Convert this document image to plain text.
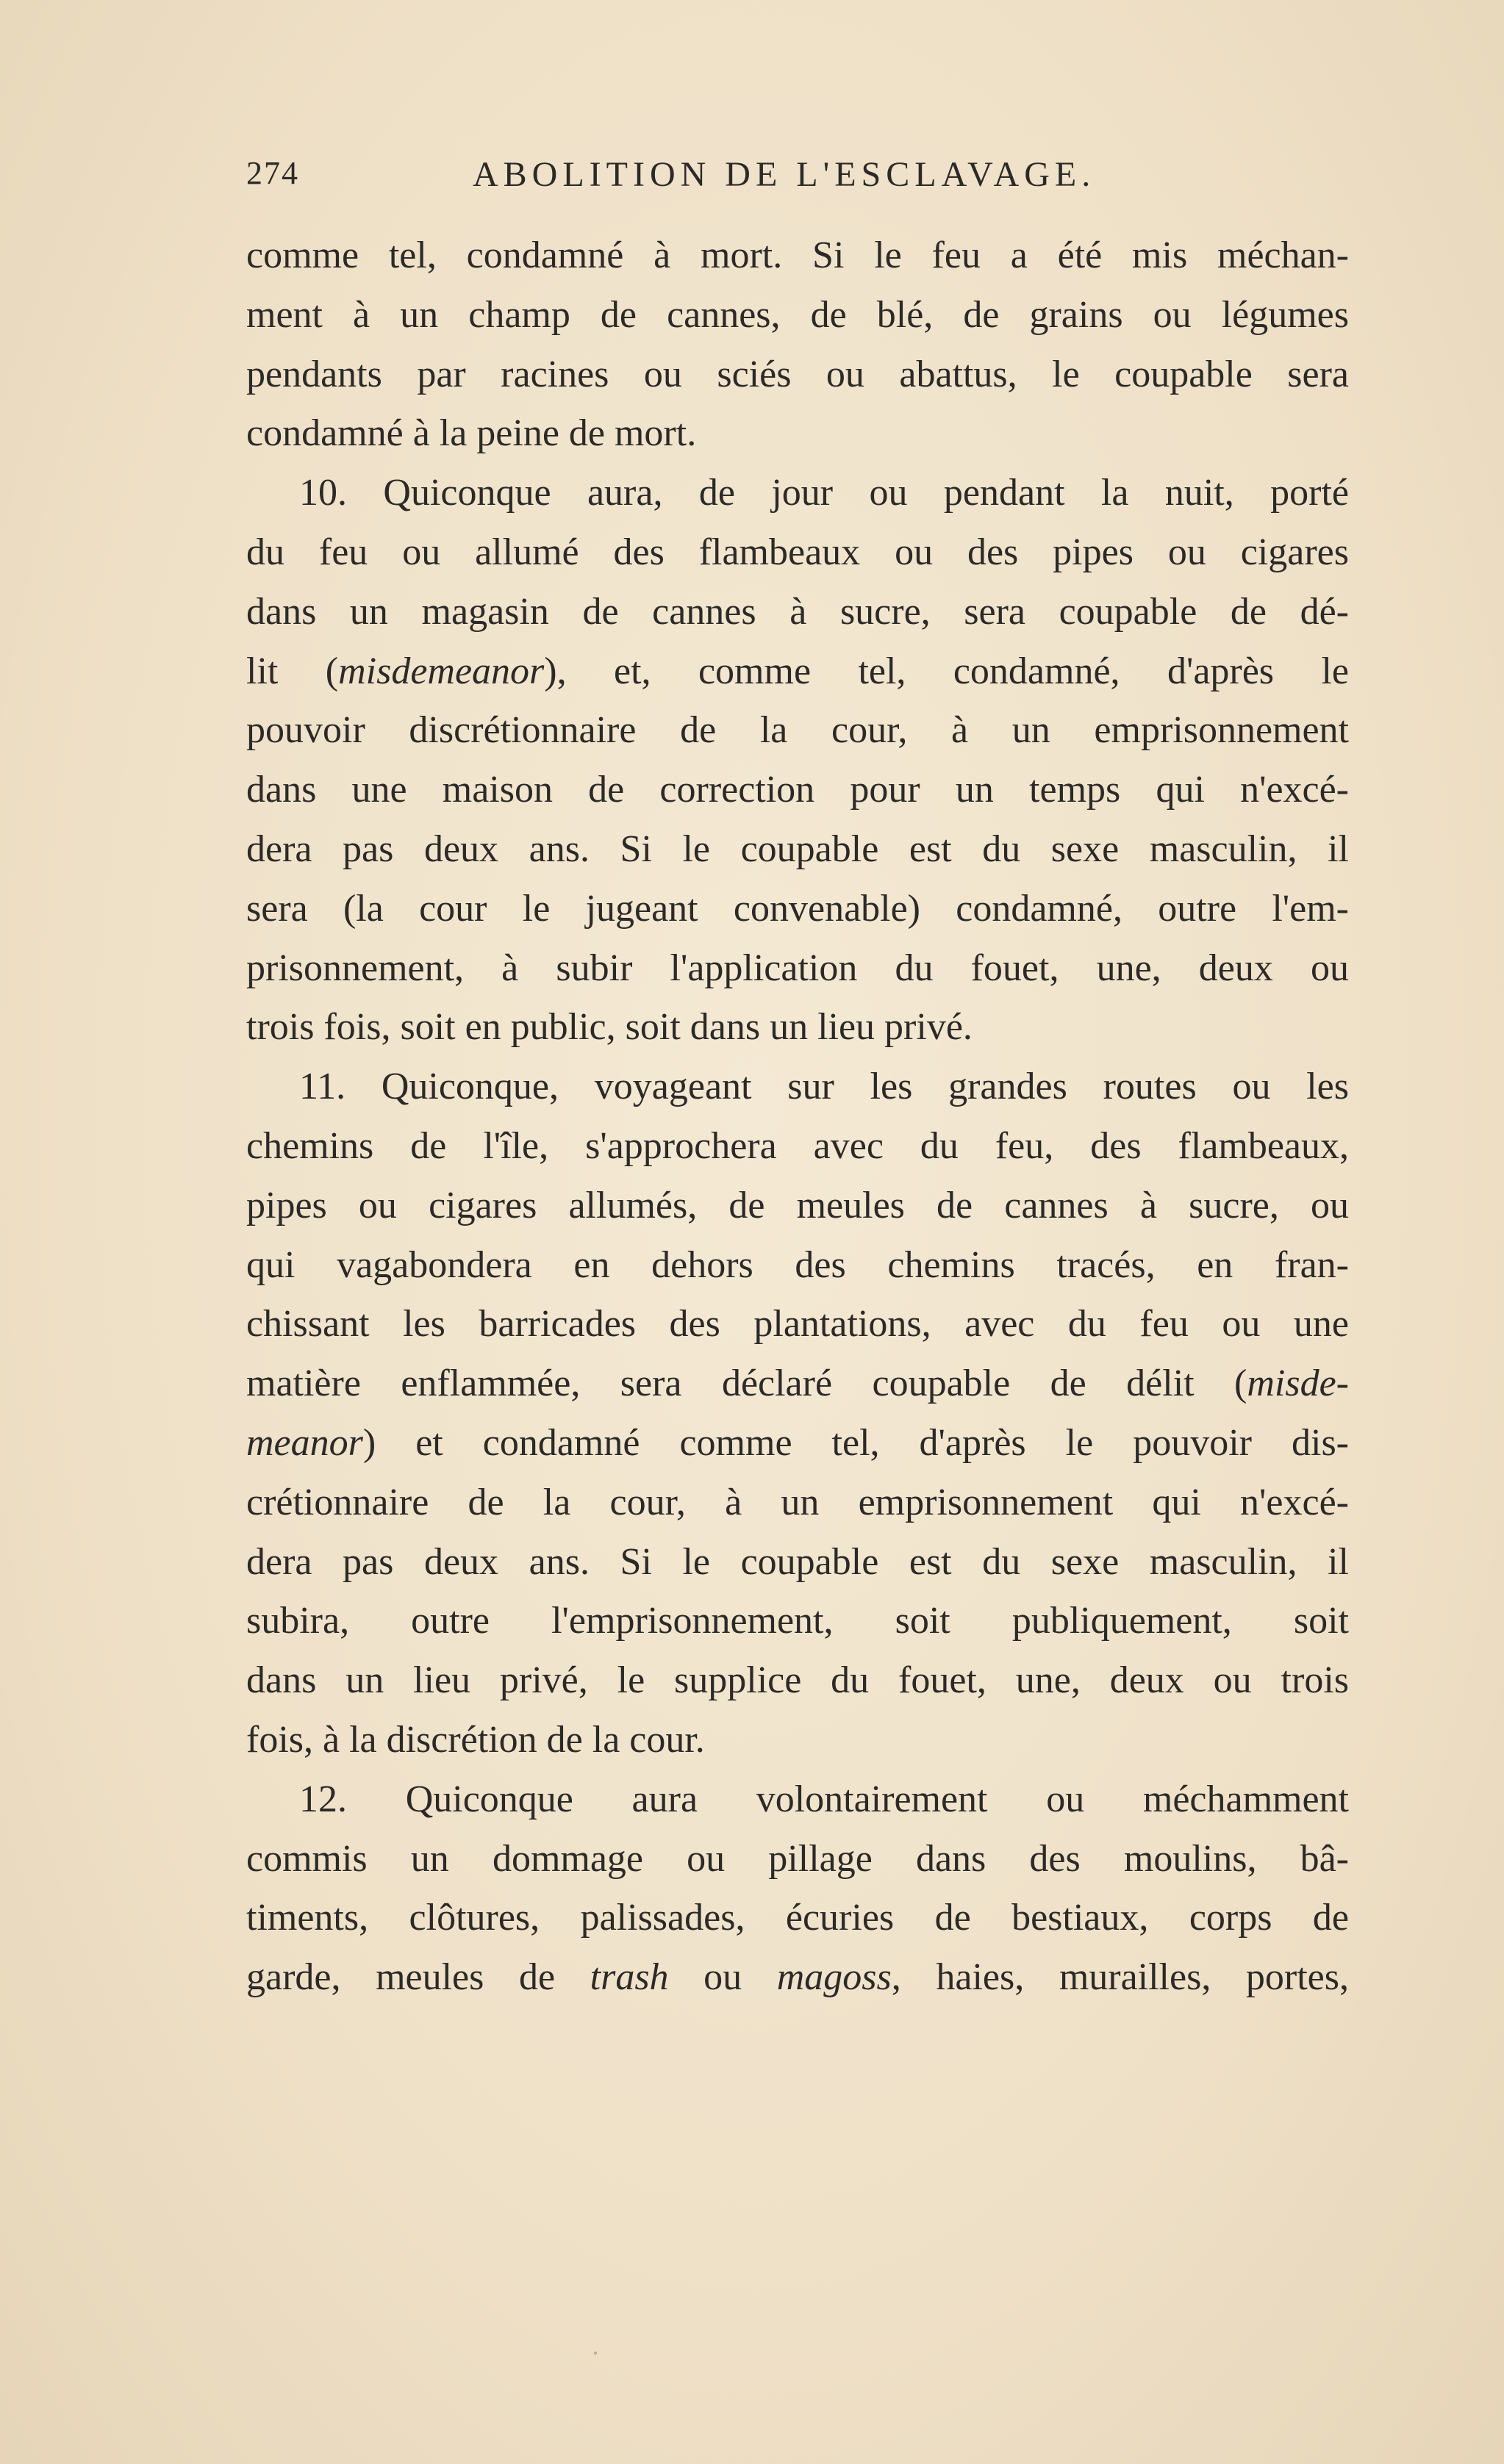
274	ABOLITION DE L'ESCLAVAGE.
comme tel, condamné à mort. Si le feu a été mis méchan-
ment à un champ de cannes, de blé, de grains ou légumes
pendants par racines ou sciés ou abattus, le coupable sera
condamné à la peine de mort.
10. Quiconque aura, de jour ou pendant la nuit, porté
du feu ou allumé des flambeaux ou des pipes ou cigares
dans un magasin de cannes à sucre, sera coupable de dé-
lit (misdemeanor), et, comme tel, condamné, d'après le
pouvoir discrétionnaire de la cour, à un emprisonnement
dans une maison de correction pour un temps qui n'excé-
dera pas deux ans. Si le coupable est du sexe masculin, il
sera (la cour le jugeant convenable) condamné, outre l'em-
prisonnement, à subir l'application du fouet, une, deux ou
trois fois, soit en public, soit dans un lieu privé.
11. Quiconque, voyageant sur les grandes routes ou les
chemins de l'île, s'approchera avec du feu, des flambeaux,
pipes ou cigares allumés, de meules de cannes à sucre, ou
qui vagabondera en dehors des chemins tracés, en fran-
chissant les barricades des plantations, avec du feu ou une
matière enflammée, sera déclaré coupable de délit (misde-
meanor) et condamné comme tel, d'après le pouvoir dis-
crétionnaire de la cour, à un emprisonnement qui n'excé-
dera pas deux ans. Si le coupable est du sexe masculin, il
subira, outre l'emprisonnement, soit publiquement, soit
dans un lieu privé, le supplice du fouet, une, deux ou trois
fois, à la discrétion de la cour.
12. Quiconque aura volontairement ou méchamment
commis un dommage ou pillage dans des moulins, bâ-
timents, clôtures, palissades, écuries de bestiaux, corps de
garde, meules de trash ou magoss, haies, murailles, portes,
